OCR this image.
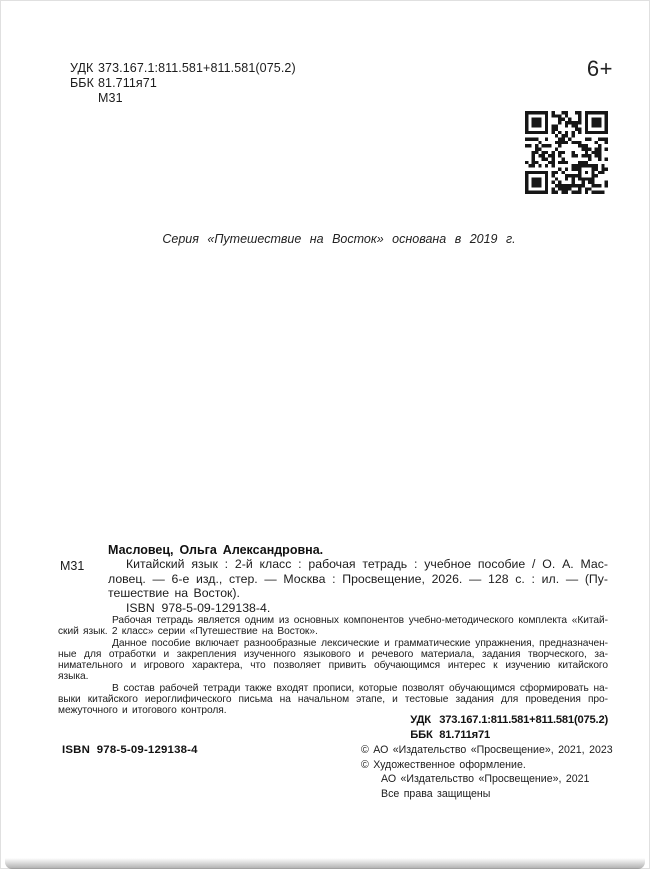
УДК 373.167.1:811.581+811.581(075.2)
ББК 81.711я71
М31
6+
Серия «Путешествие на Восток» основана в 2019 г.
М31
Масловец, Ольга Александровна.
Китайский язык : 2-й класс : рабочая тетрадь : учебное пособие / О. А. Мас-
ловец. — 6-е изд., стер. — Москва : Просвещение, 2026. — 128 с. : ил. — (Пу-
тешествие на Восток).
ISBN  978-5-09-129138-4.
Рабочая тетрадь является одним из основных компонентов учебно-методического комплекта «Китай-
ский язык. 2 класс» серии «Путешествие на Восток».
Данное пособие включает разнообразные лексические и грамматические упражнения, предназначен-
ные для отработки и закрепления изученного языкового и речевого материала, задания творческого, за-
нимательного и игрового характера, что позволяет привить обучающимся интерес к изучению китайского
языка.
В состав рабочей тетради также входят прописи, которые позволят обучающимся сформировать на-
выки китайского иероглифического письма на начальном этапе, и тестовые задания для проведения про-
межуточного и итогового контроля.
УДК 373.167.1:811.581+811.581(075.2)
ББК 81.711я71
ISBN  978-5-09-129138-4	© АО «Издательство «Просвещение», 2021, 2023
© Художественное оформление.
АО «Издательство «Просвещение», 2021
Все права защищены
